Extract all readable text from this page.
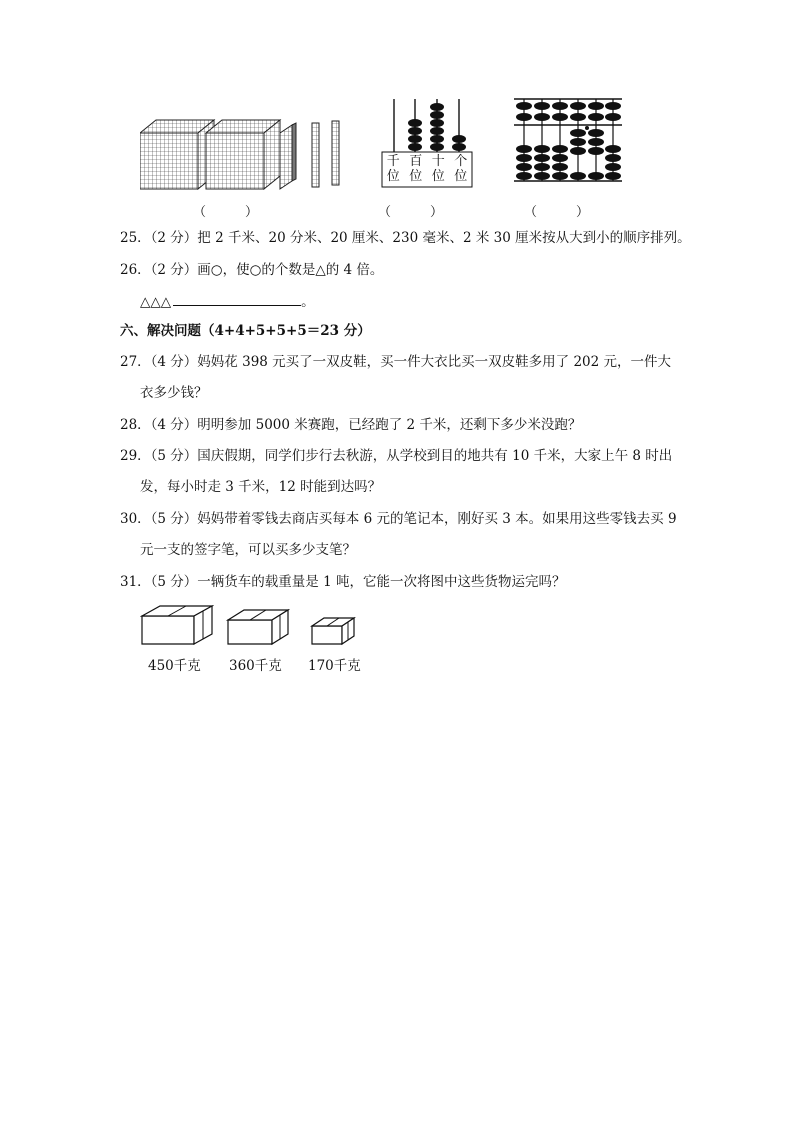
（　　　）
千
位
百
位
十
位
个
位
（　　　）	（　　　）
25．（2 分）把 2 千米、20 分米、20 厘米、230 毫米、2 米 30 厘米按从大到小的顺序排列。
26．（2 分）画○，使○的个数是△的 4 倍。
△△△	。
六、解决问题（4+4+5+5+5＝23 分）
27．（4 分）妈妈花 398 元买了一双皮鞋，买一件大衣比买一双皮鞋多用了 202 元，一件大
衣多少钱？
28．（4 分）明明参加 5000 米赛跑，已经跑了 2 千米，还剩下多少米没跑？
29．（5 分）国庆假期，同学们步行去秋游，从学校到目的地共有 10 千米，大家上午 8 时出
发，每小时走 3 千米，12 时能到达吗？
30．（5 分）妈妈带着零钱去商店买每本 6 元的笔记本，刚好买 3 本。如果用这些零钱去买 9
元一支的签字笔，可以买多少支笔？
31．（5 分）一辆货车的载重量是 1 吨，它能一次将图中这些货物运完吗？
450千克 360千克 170千克
